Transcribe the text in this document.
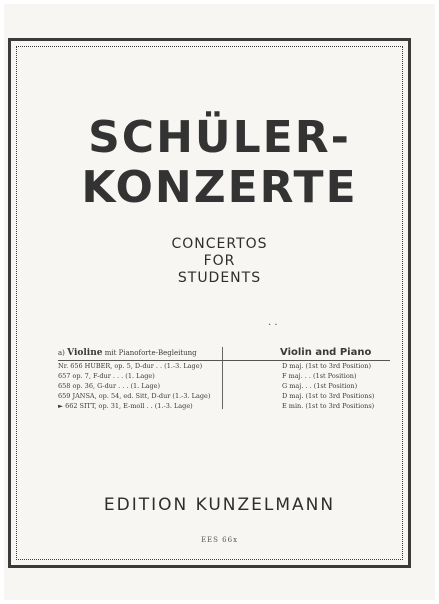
SCHÜLER-
KONZERTE
CONCERTOS
FOR
STUDENTS
· ·
a) Violine mit Pianoforte-Begleitung	Violin and Piano
Nr. 656 HUBER, op. 5, D-dur . . (1.-3. Lage)	D maj. (1st to 3rd Position)
657 op. 7, F-dur . . . (1. Lage)	F maj. . . (1st Position)
658 op. 36, G-dur . . . (1. Lage)	G maj. . . (1st Position)
659 JANSA, op. 54, ed. Sitt, D-dur (1.-3. Lage)	D maj. (1st to 3rd Positions)
► 662 SITT, op. 31, E-moll . . (1.-3. Lage)	E min. (1st to 3rd Positions)
EDITION KUNZELMANN
EES 66x
